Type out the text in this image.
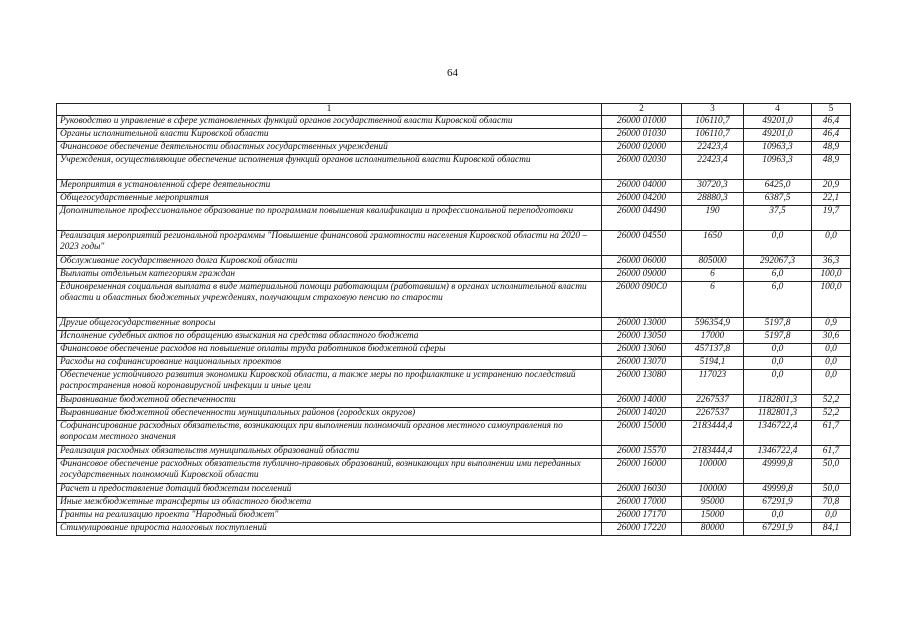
64
1	2	3	4	5
Руководство и управление в сфере установленных функций органов государственной власти Кировской области	26000 01000	106110,7	49201,0	46,4
Органы исполнительной власти Кировской области	26000 01030	106110,7	49201,0	46,4
Финансовое обеспечение деятельности областных государственных учреждений	26000 02000	22423,4	10963,3	48,9
Учреждения, осуществляющие обеспечение исполнения функций органов исполнительной власти Кировской области	26000 02030	22423,4	10963,3	48,9
Мероприятия в установленной сфере деятельности	26000 04000	30720,3	6425,0	20,9
Общегосударственные мероприятия	26000 04200	28880,3	6387,5	22,1
Дополнительное профессиональное образование по программам повышения квалификации и профессиональной переподготовки	26000 04490	190	37,5	19,7
Реализация мероприятий региональной программы "Повышение финансовой грамотности населения Кировской области на 2020 – 2023 годы"	26000 04550	1650	0,0	0,0
Обслуживание государственного долга Кировской области	26000 06000	805000	292067,3	36,3
Выплаты отдельным категориям граждан	26000 09000	6	6,0	100,0
Единовременная социальная выплата в виде материальной помощи работающим (работавшим) в органах исполнительной власти области и областных бюджетных учреждениях, получающим страховую пенсию по старости	26000 090С0	6	6,0	100,0
Другие общегосударственные вопросы	26000 13000	596354,9	5197,8	0,9
Исполнение судебных актов по обращению взыскания на средства областного бюджета	26000 13050	17000	5197,8	30,6
Финансовое обеспечение расходов на повышение оплаты труда работников бюджетной сферы	26000 13060	457137,8	0,0	0,0
Расходы на софинансирование национальных проектов	26000 13070	5194,1	0,0	0,0
Обеспечение устойчивого развития экономики Кировской области, а также меры по профилактике и устранению последствий распространения новой коронавирусной инфекции и иные цели	26000 13080	117023	0,0	0,0
Выравнивание бюджетной обеспеченности	26000 14000	2267537	1182801,3	52,2
Выравнивание бюджетной обеспеченности муниципальных районов (городских округов)	26000 14020	2267537	1182801,3	52,2
Софинансирование расходных обязательств, возникающих при выполнении полномочий органов местного самоуправления по вопросам местного значения	26000 15000	2183444,4	1346722,4	61,7
Реализация расходных обязательств муниципальных образований области	26000 15570	2183444,4	1346722,4	61,7
Финансовое обеспечение расходных обязательств публично-правовых образований, возникающих при выполнении ими переданных государственных полномочий Кировской области	26000 16000	100000	49999,8	50,0
Расчет и предоставление дотаций бюджетам поселений	26000 16030	100000	49999,8	50,0
Иные межбюджетные трансферты из областного бюджета	26000 17000	95000	67291,9	70,8
Гранты на реализацию проекта "Народный бюджет"	26000 17170	15000	0,0	0,0
Стимулирование прироста налоговых поступлений	26000 17220	80000	67291,9	84,1
